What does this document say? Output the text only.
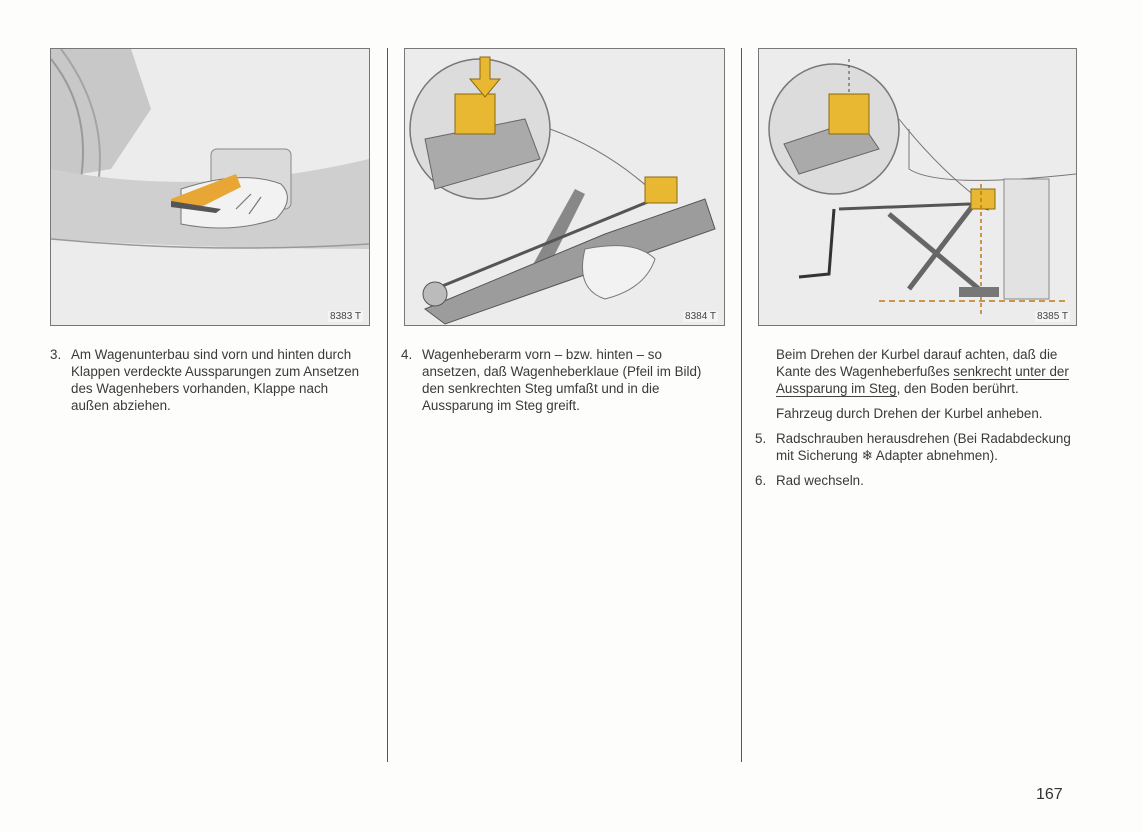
8383 T	8384 T	8385 T

3. Am Wagenunterbau sind vorn und hinten durch Klappen verdeckte Aussparungen zum Ansetzen des Wagenhebers vorhanden, Klappe nach außen abziehen.

4. Wagenheberarm vorn – bzw. hinten – so ansetzen, daß Wagenheberklaue (Pfeil im Bild) den senkrechten Steg umfaßt und in die Aussparung im Steg greift.

Beim Drehen der Kurbel darauf achten, daß die Kante des Wagenheberfußes senkrecht unter der Aussparung im Steg, den Boden berührt.

Fahrzeug durch Drehen der Kurbel anheben.

5. Radschrauben herausdrehen (Bei Radabdeckung mit Sicherung ❄ Adapter abnehmen).

6. Rad wechseln.

167
